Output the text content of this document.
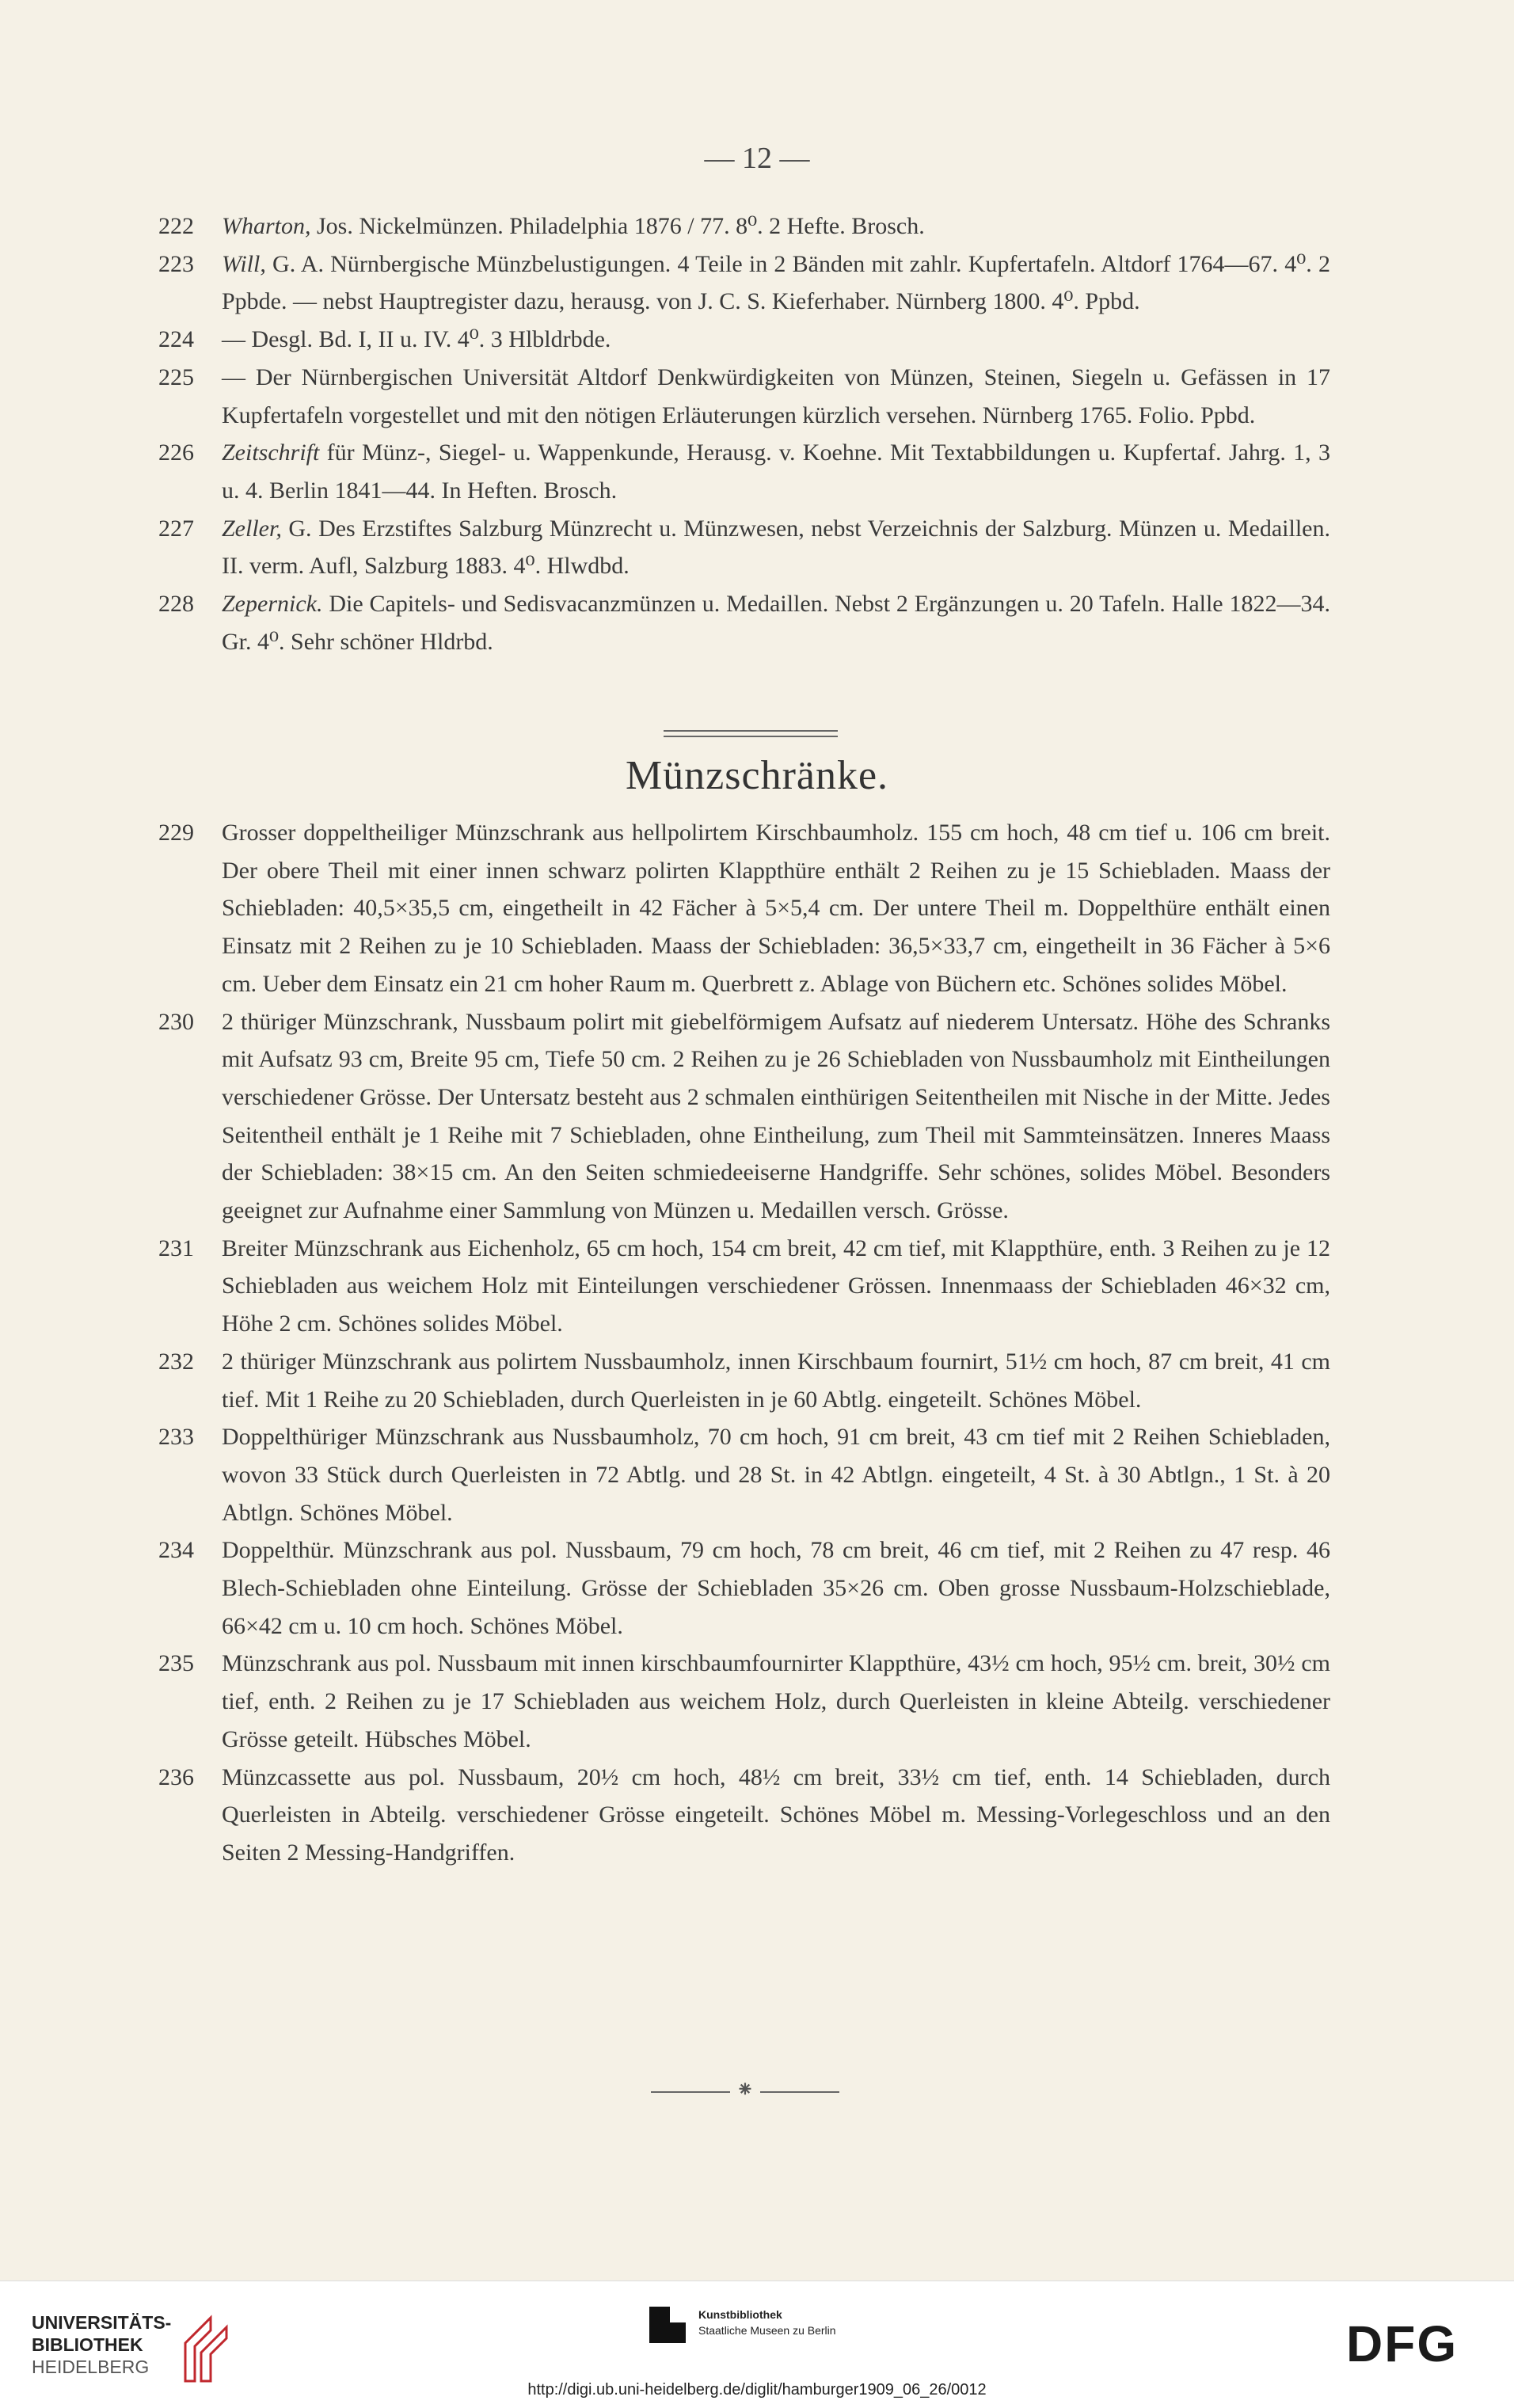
— 12 —
222	Wharton, Jos. Nickelmünzen. Philadelphia 1876 / 77. 8⁰. 2 Hefte. Brosch.
223	Will, G. A. Nürnbergische Münzbelustigungen. 4 Teile in 2 Bänden mit zahlr. Kupfertafeln. Altdorf 1764—67. 4⁰. 2 Ppbde. — nebst Hauptregister dazu, herausg. von J. C. S. Kieferhaber. Nürnberg 1800. 4⁰. Ppbd.
224	— Desgl. Bd. I, II u. IV. 4⁰. 3 Hlbldrbde.
225	— Der Nürnbergischen Universität Altdorf Denkwürdigkeiten von Münzen, Steinen, Siegeln u. Gefässen in 17 Kupfertafeln vorgestellet und mit den nötigen Erläuterungen kürzlich versehen. Nürnberg 1765. Folio. Ppbd.
226	Zeitschrift für Münz-, Siegel- u. Wappenkunde, Herausg. v. Koehne. Mit Textabbildungen u. Kupfertaf. Jahrg. 1, 3 u. 4. Berlin 1841—44. In Heften. Brosch.
227	Zeller, G. Des Erzstiftes Salzburg Münzrecht u. Münzwesen, nebst Verzeichnis der Salzburg. Münzen u. Medaillen. II. verm. Aufl, Salzburg 1883. 4⁰. Hlwdbd.
228	Zepernick. Die Capitels- und Sedisvacanzmünzen u. Medaillen. Nebst 2 Ergänzungen u. 20 Tafeln. Halle 1822—34. Gr. 4⁰. Sehr schöner Hldrbd.
Münzschränke.
229	Grosser doppeltheiliger Münzschrank aus hellpolirtem Kirschbaumholz. 155 cm hoch, 48 cm tief u. 106 cm breit. Der obere Theil mit einer innen schwarz polirten Klappthüre enthält 2 Reihen zu je 15 Schiebladen. Maass der Schiebladen: 40,5×35,5 cm, eingetheilt in 42 Fächer à 5×5,4 cm. Der untere Theil m. Doppelthüre enthält einen Einsatz mit 2 Reihen zu je 10 Schiebladen. Maass der Schiebladen: 36,5×33,7 cm, eingetheilt in 36 Fächer à 5×6 cm. Ueber dem Einsatz ein 21 cm hoher Raum m. Querbrett z. Ablage von Büchern etc. Schönes solides Möbel.
230	2 thüriger Münzschrank, Nussbaum polirt mit giebelförmigem Aufsatz auf niederem Untersatz. Höhe des Schranks mit Aufsatz 93 cm, Breite 95 cm, Tiefe 50 cm. 2 Reihen zu je 26 Schiebladen von Nussbaumholz mit Eintheilungen verschiedener Grösse. Der Untersatz besteht aus 2 schmalen einthürigen Seitentheilen mit Nische in der Mitte. Jedes Seitentheil enthält je 1 Reihe mit 7 Schiebladen, ohne Eintheilung, zum Theil mit Sammteinsätzen. Inneres Maass der Schiebladen: 38×15 cm. An den Seiten schmiedeeiserne Handgriffe. Sehr schönes, solides Möbel. Besonders geeignet zur Aufnahme einer Sammlung von Münzen u. Medaillen versch. Grösse.
231	Breiter Münzschrank aus Eichenholz, 65 cm hoch, 154 cm breit, 42 cm tief, mit Klappthüre, enth. 3 Reihen zu je 12 Schiebladen aus weichem Holz mit Einteilungen verschiedener Grössen. Innenmaass der Schiebladen 46×32 cm, Höhe 2 cm. Schönes solides Möbel.
232	2 thüriger Münzschrank aus polirtem Nussbaumholz, innen Kirschbaum fournirt, 51½ cm hoch, 87 cm breit, 41 cm tief. Mit 1 Reihe zu 20 Schiebladen, durch Querleisten in je 60 Abtlg. eingeteilt. Schönes Möbel.
233	Doppelthüriger Münzschrank aus Nussbaumholz, 70 cm hoch, 91 cm breit, 43 cm tief mit 2 Reihen Schiebladen, wovon 33 Stück durch Querleisten in 72 Abtlg. und 28 St. in 42 Abtlgn. eingeteilt, 4 St. à 30 Abtlgn., 1 St. à 20 Abtlgn. Schönes Möbel.
234	Doppelthür. Münzschrank aus pol. Nussbaum, 79 cm hoch, 78 cm breit, 46 cm tief, mit 2 Reihen zu 47 resp. 46 Blech-Schiebladen ohne Einteilung. Grösse der Schiebladen 35×26 cm. Oben grosse Nussbaum-Holzschieblade, 66×42 cm u. 10 cm hoch. Schönes Möbel.
235	Münzschrank aus pol. Nussbaum mit innen kirschbaumfournirter Klappthüre, 43½ cm hoch, 95½ cm. breit, 30½ cm tief, enth. 2 Reihen zu je 17 Schiebladen aus weichem Holz, durch Querleisten in kleine Abteilg. verschiedener Grösse geteilt. Hübsches Möbel.
236	Münzcassette aus pol. Nussbaum, 20½ cm hoch, 48½ cm breit, 33½ cm tief, enth. 14 Schiebladen, durch Querleisten in Abteilg. verschiedener Grösse eingeteilt. Schönes Möbel m. Messing-Vorlegeschloss und an den Seiten 2 Messing-Handgriffen.
⁕
UNIVERSITÄTS-
BIBLIOTHEK
HEIDELBERG
Kunstbibliothek
Staatliche Museen zu Berlin	DFG
http://digi.ub.uni-heidelberg.de/diglit/hamburger1909_06_26/0012
